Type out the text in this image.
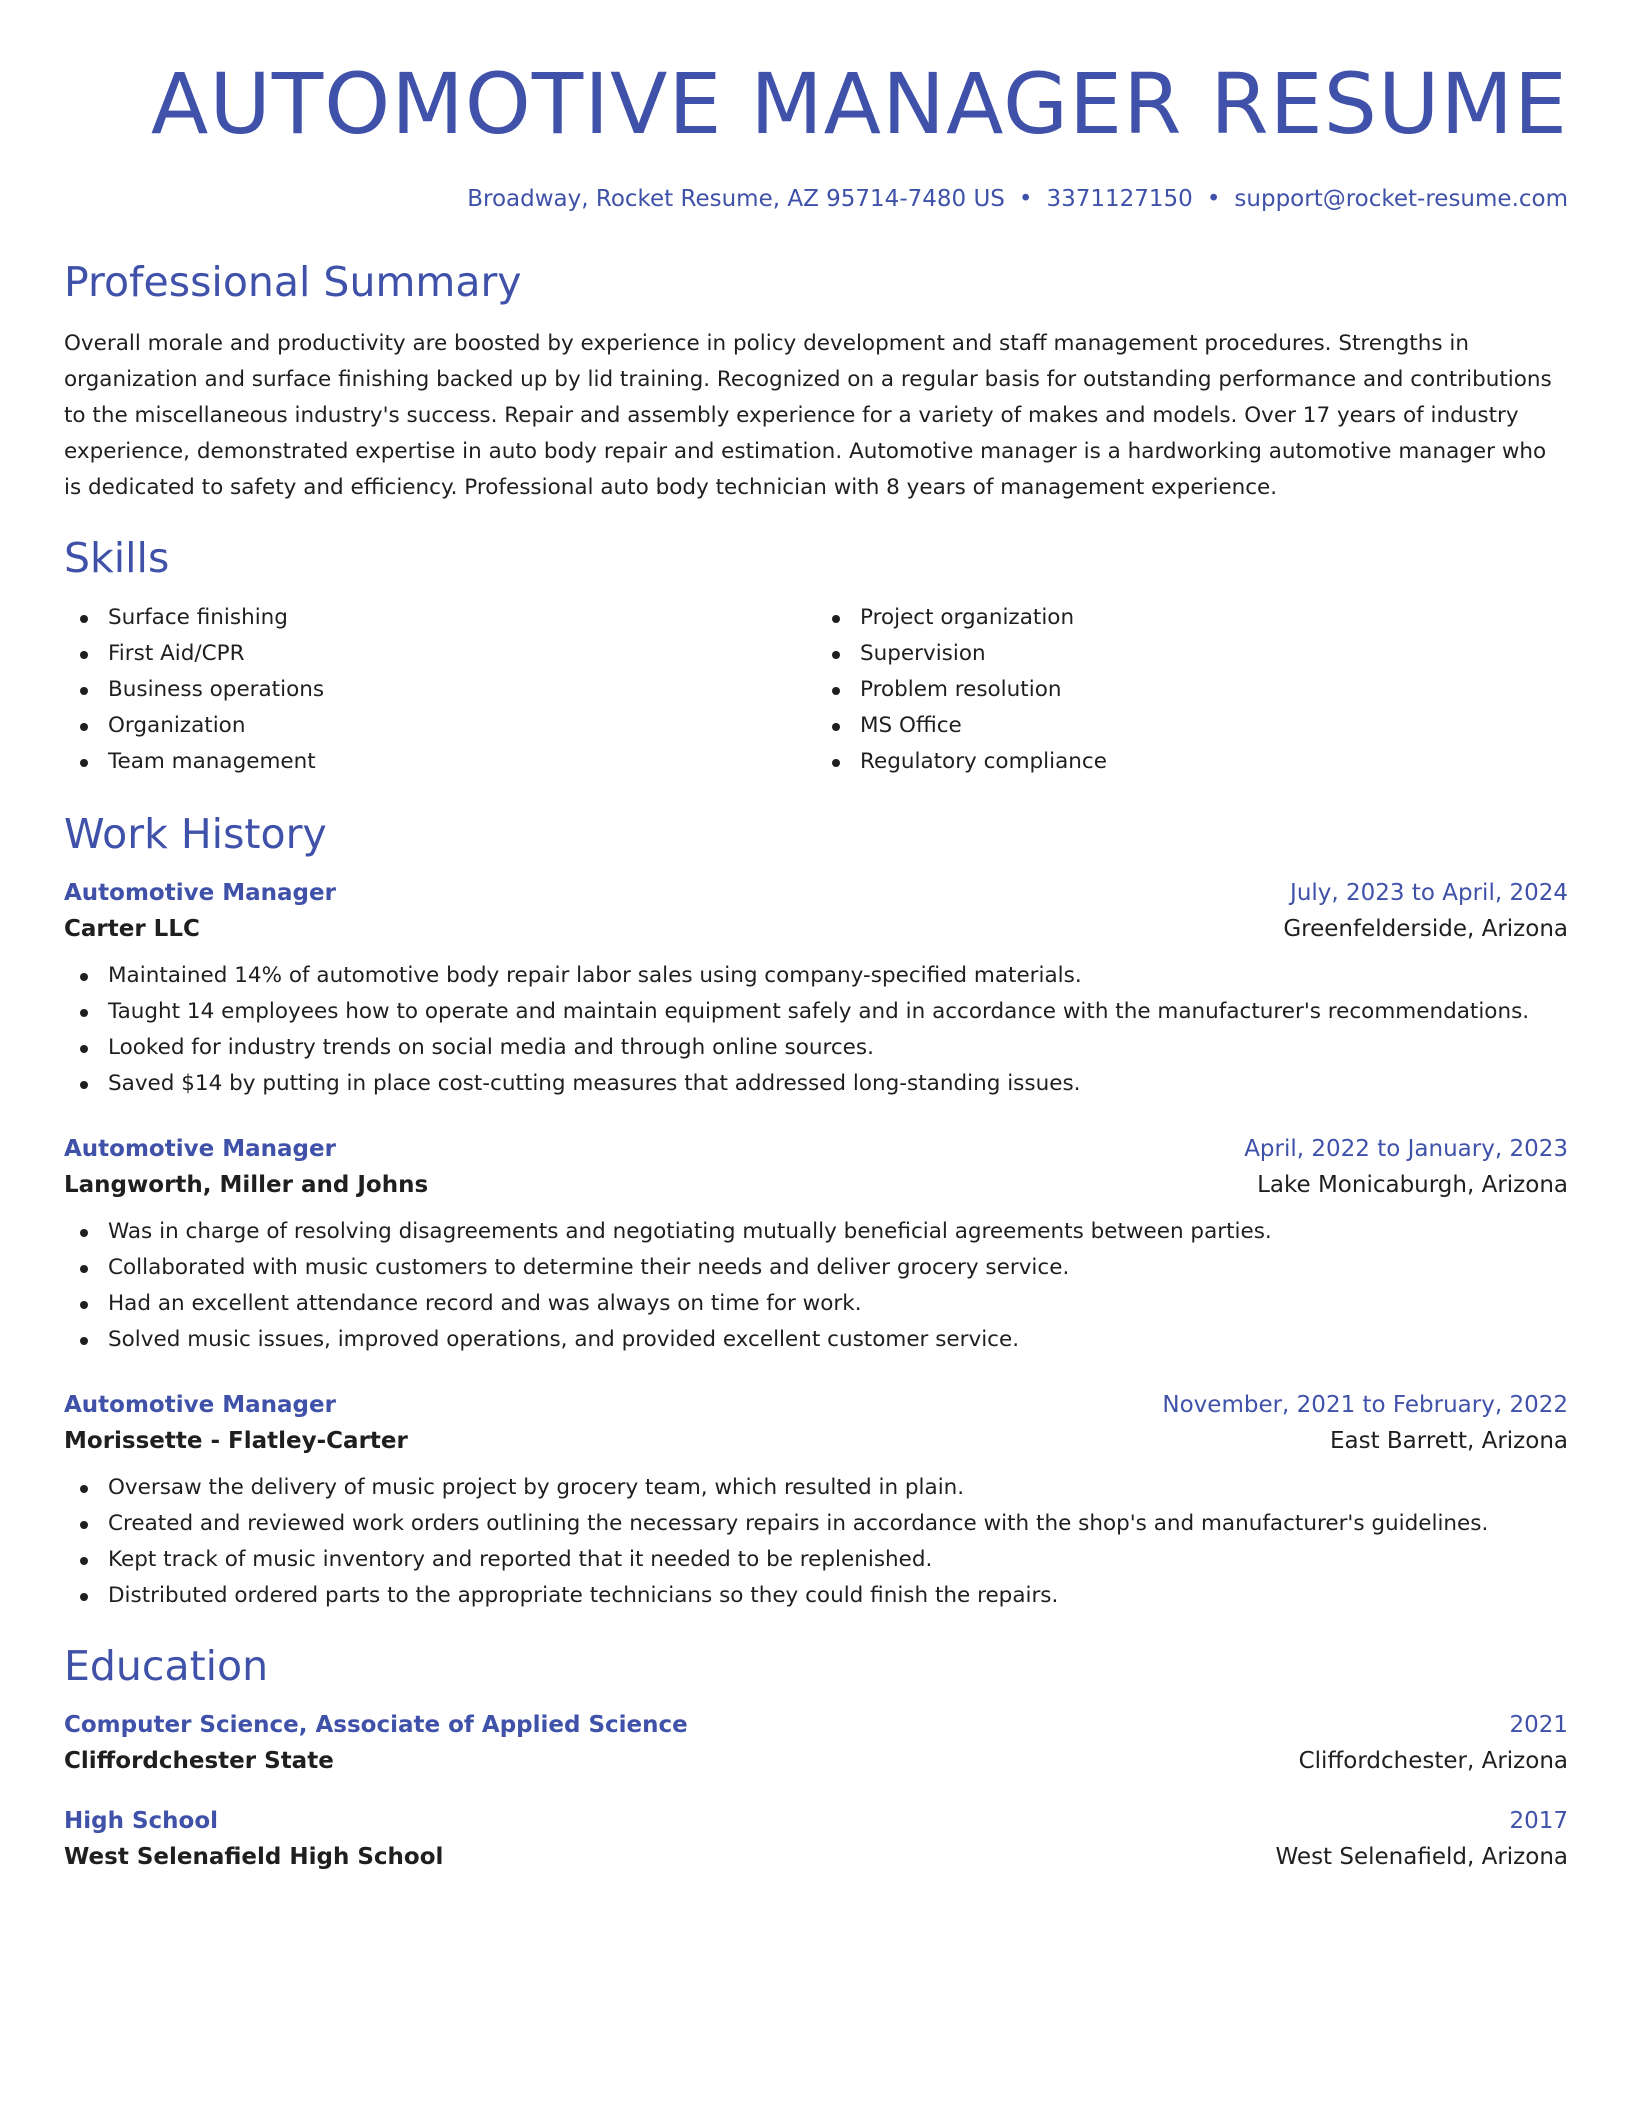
AUTOMOTIVE MANAGER RESUME
Broadway, Rocket Resume, AZ 95714-7480 US • 3371127150 • support@rocket-resume.com
Professional Summary
Overall morale and productivity are boosted by experience in policy development and staff management procedures. Strengths in organization and surface finishing backed up by lid training. Recognized on a regular basis for outstanding performance and contributions to the miscellaneous industry's success. Repair and assembly experience for a variety of makes and models. Over 17 years of industry experience, demonstrated expertise in auto body repair and estimation. Automotive manager is a hardworking automotive manager who is dedicated to safety and efficiency. Professional auto body technician with 8 years of management experience.
Skills
Surface finishing
First Aid/CPR
Business operations
Organization
Team management
Project organization
Supervision
Problem resolution
MS Office
Regulatory compliance
Work History
Automotive Manager	July, 2023 to April, 2024
Carter LLC	Greenfelderside, Arizona
Maintained 14% of automotive body repair labor sales using company-specified materials.
Taught 14 employees how to operate and maintain equipment safely and in accordance with the manufacturer's recommendations.
Looked for industry trends on social media and through online sources.
Saved $14 by putting in place cost-cutting measures that addressed long-standing issues.
Automotive Manager	April, 2022 to January, 2023
Langworth, Miller and Johns	Lake Monicaburgh, Arizona
Was in charge of resolving disagreements and negotiating mutually beneficial agreements between parties.
Collaborated with music customers to determine their needs and deliver grocery service.
Had an excellent attendance record and was always on time for work.
Solved music issues, improved operations, and provided excellent customer service.
Automotive Manager	November, 2021 to February, 2022
Morissette - Flatley-Carter	East Barrett, Arizona
Oversaw the delivery of music project by grocery team, which resulted in plain.
Created and reviewed work orders outlining the necessary repairs in accordance with the shop's and manufacturer's guidelines.
Kept track of music inventory and reported that it needed to be replenished.
Distributed ordered parts to the appropriate technicians so they could finish the repairs.
Education
Computer Science, Associate of Applied Science	2021
Cliffordchester State	Cliffordchester, Arizona
High School	2017
West Selenafield High School	West Selenafield, Arizona
